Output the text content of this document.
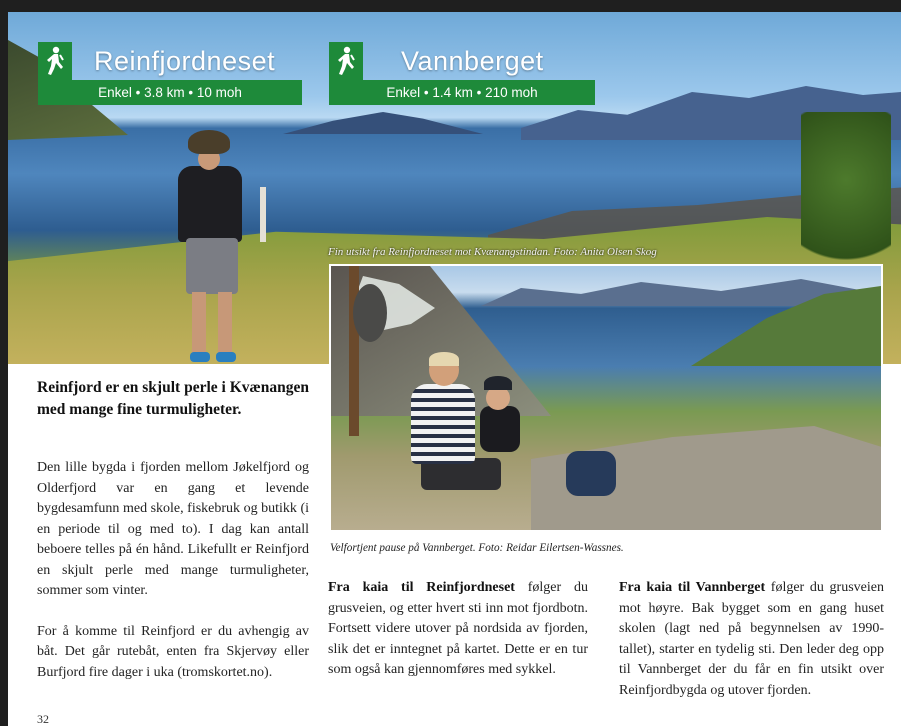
Reinfjordneset
Enkel • 3.8 km • 10 moh
Vannberget
Enkel • 1.4 km • 210 moh
Fin utsikt fra Reinfjordneset mot Kvænangstindan. Foto: Anita Olsen Skog
Velfortjent pause på Vannberget. Foto: Reidar Eilertsen-Wassnes.
Reinfjord er en skjult perle i Kvænangen med mange fine turmuligheter.

Den lille bygda i fjorden mellom Jøkelfjord og Olderfjord var en gang et levende bygdesamfunn med skole, fiskebruk og butikk (i en periode til og med to). I dag kan antall beboere telles på én hånd. Likefullt er Reinfjord en skjult perle med mange turmuligheter, sommer som vinter.

For å komme til Reinfjord er du avhengig av båt. Det går rutebåt, enten fra Skjervøy eller Burfjord fire dager i uka (tromskortet.no).

Fra kaia til Reinfjordneset følger du grusveien, og etter hvert sti inn mot fjordbotn. Fortsett videre utover på nordsida av fjorden, slik det er inntegnet på kartet. Dette er en tur som også kan gjennomføres med sykkel.

Fra kaia til Vannberget følger du grusveien mot høyre. Bak bygget som en gang huset skolen (lagt ned på begynnelsen av 1990-tallet), starter en tydelig sti. Den leder deg opp til Vannberget der du får en fin utsikt over Reinfjordbygda og utover fjorden.

32
